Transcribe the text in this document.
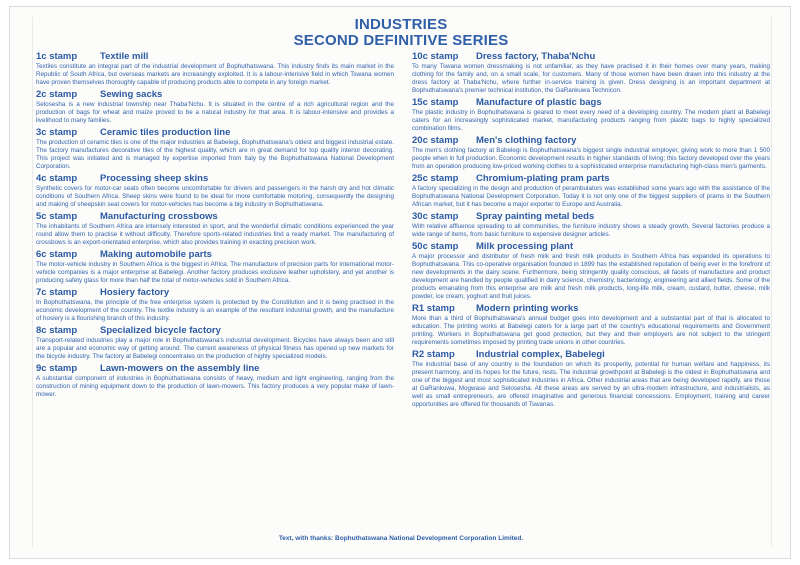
INDUSTRIES
SECOND DEFINITIVE SERIES
1c stamp	Textile mill
Textiles constitute an integral part of the industrial development of Bophuthatswana. This industry finds its main market in the Republic of South Africa, but overseas markets are increasingly exploited. It is a labour-intensive field in which Tswana women have proven themselves thoroughly capable of producing products able to compete in any foreign market.
2c stamp	Sewing sacks
Selosesha is a new industrial township near Thaba'Nchu. It is situated in the centre of a rich agricultural region and the production of bags for wheat and maize proved to be a natural industry for that area. It is labour-intensive and provides a livelihood to many families.
3c stamp	Ceramic tiles production line
The production of ceramic tiles is one of the major industries at Babelegi, Bophuthatswana's oldest and biggest industrial estate. The factory manufactures decorative tiles of the highest quality, which are in great demand for top quality interior decorating. This project was initiated and is managed by expertise imported from Italy by the Bophuthatswana National Development Corporation.
4c stamp	Processing sheep skins
Synthetic covers for motor-car seats often become uncomfortable for drivers and passengers in the harsh dry and hot climatic conditions of Southern Africa. Sheep skins were found to be ideal for more comfortable motoring, consequently the designing and making of sheepskin seat covers for motor-vehicles has become a big industry in Bophuthatswana.
5c stamp	Manufacturing crossbows
The inhabitants of Southern Africa are intensely interested in sport, and the wonderful climatic conditions experienced the year round allow them to practise it without difficulty. Therefore sports-related industries find a ready market. The manufacturing of crossbows is an export-orientated enterprise, which also provides training in exacting precision work.
6c stamp	Making automobile parts
The motor-vehicle industry in Southern Africa is the biggest in Africa. The manufacture of precision parts for international motor-vehicle companies is a major enterprise at Babelegi. Another factory produces exclusive leather upholstery, and yet another is producing safety glass for more than half the total of motor-vehicles sold in Southern Africa.
7c stamp	Hosiery factory
In Bophuthatswana, the principle of the free enterprise system is protected by the Constitution and it is being practised in the economic development of the country. The textile industry is an example of the resultant industrial growth, and the manufacture of hosiery is a flourishing branch of this industry.
8c stamp	Specialized bicycle factory
Transport-related industries play a major role in Bophuthatswana's industrial development. Bicycles have always been and still are a popular and economic way of getting around. The current awareness of physical fitness has opened up new markets for the bicycle industry. The factory at Babelegi concentrates on the production of highly specialized models.
9c stamp	Lawn-mowers on the assembly line
A substantial component of industries in Bophuthatswana consists of heavy, medium and light engineering, ranging from the construction of mining equipment down to the production of lawn-mowers. This factory produces a very popular make of lawn-mower.
10c stamp	Dress factory, Thaba'Nchu
To many Tswana women dressmaking is not unfamiliar, as they have practised it in their homes over many years, making clothing for the family and, on a small scale, for customers. Many of those women have been drawn into this industry at the dress factory at Thaba'Nchu, where further in-service training is given. Dress designing is an important department at Bophuthatswana's premier technical institution, the GaRankuwa Technicon.
15c stamp	Manufacture of plastic bags
The plastic industry in Bophuthatswana is geared to meet every need of a developing country. The modern plant at Babelegi caters for an increasingly sophisticated market, manufacturing products ranging from plastic bags to highly specialized combination films.
20c stamp	Men's clothing factory
The men's clothing factory at Babelegi is Bophuthatswana's biggest single industrial employer, giving work to more than 1 500 people when in full production. Economic development results in higher standards of living; this factory developed over the years from an operation producing low-priced working clothes to a sophisticated enterprise manufacturing high-class men's garments.
25c stamp	Chromium-plating pram parts
A factory specializing in the design and production of perambulators was established some years ago with the assistance of the Bophuthatswana National Development Corporation. Today it is not only one of the biggest suppliers of prams in the Southern African market, but it has become a major exporter to Europe and Australia.
30c stamp	Spray painting metal beds
With relative affluence spreading to all communities, the furniture industry shows a steady growth. Several factories produce a wide range of items, from basic furniture to expensive designer articles.
50c stamp	Milk processing plant
A major processor and distributor of fresh milk and fresh milk products in Southern Africa has expanded its operations to Bophuthatswana. This co-operative organisation founded in 1899 has the established reputation of being ever in the forefront of new developments in the dairy scene. Furthermore, being stringently quality conscious, all facets of manufacture and product development are handled by people qualified in dairy science, chemistry, bacteriology, engineering and allied fields. Some of the products emanating from this enterprise are milk and fresh milk products, long-life milk, cream, custard, butter, cheese, milk powder, ice cream, yoghurt and fruit juices.
R1 stamp	Modern printing works
More than a third of Bophuthatswana's annual budget goes into development and a substantial part of that is allocated to education. The printing works at Babelegi caters for a large part of the country's educational requirements and Government printing. Workers in Bophuthatswana get good protection, but they and their employers are not subject to the stringent requirements sometimes imposed by printing trade unions in other countries.
R2 stamp	Industrial complex, Babelegi
The industrial base of any country is the foundation on which its prosperity, potential for human welfare and happiness, its present harmony, and its hopes for the future, rests. The industrial growthpoint at Babelegi is the oldest in Bophuthatswana and one of the biggest and most sophisticated industries in Africa. Other industrial areas that are being developed rapidly, are those at GaRankuwa, Mogwase and Selosesha. All these areas are served by an ultra-modern infrastructure, and industrialists, as well as small entrepreneurs, are offered imaginative and generous financial concessions. Employment, training and career opportunities are offered for thousands of Tswanas.
Text, with thanks: Bophuthatswana National Development Corporation Limited.
